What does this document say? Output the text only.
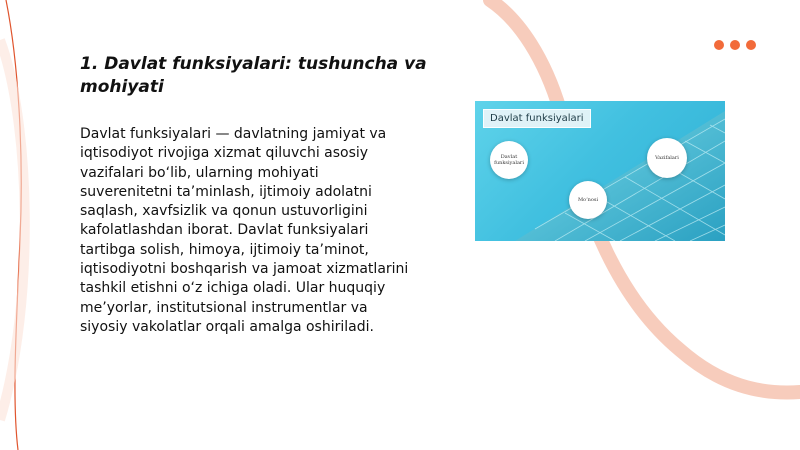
1. Davlat funksiyalari: tushuncha va mohiyati

Davlat funksiyalari — davlatning jamiyat va iqtisodiyot rivojiga xizmat qiluvchi asosiy vazifalari bo‘lib, ularning mohiyati suverenitetni ta’minlash, ijtimoiy adolatni saqlash, xavfsizlik va qonun ustuvorligini kafolatlashdan iborat. Davlat funksiyalari tartibga solish, himoya, ijtimoiy ta’minot, iqtisodiyotni boshqarish va jamoat xizmatlarini tashkil etishni o‘z ichiga oladi. Ular huquqiy me’yorlar, institutsional instrumentlar va siyosiy vakolatlar orqali amalga oshiriladi.

Davlat funksiyalari
Davlat funksiyalari
Vazifalari
Mo‘nosi
